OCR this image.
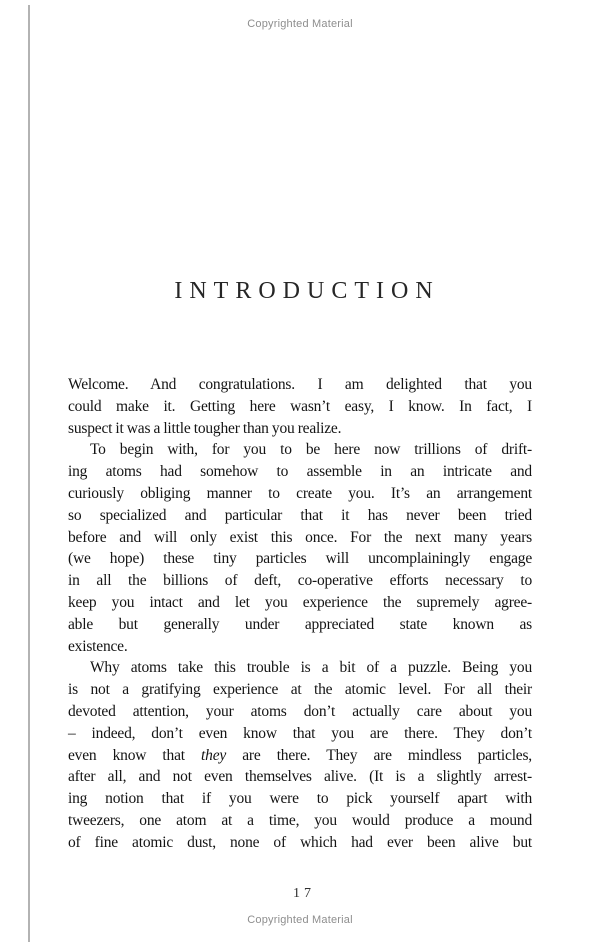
Copyrighted Material
INTRODUCTION
Welcome. And congratulations. I am delighted that you
could make it. Getting here wasn’t easy, I know. In fact, I
suspect it was a little tougher than you realize.
To begin with, for you to be here now trillions of drift-
ing atoms had somehow to assemble in an intricate and
curiously obliging manner to create you. It’s an arrangement
so specialized and particular that it has never been tried
before and will only exist this once. For the next many years
(we hope) these tiny particles will uncomplainingly engage
in all the billions of deft, co-operative efforts necessary to
keep you intact and let you experience the supremely agree-
able but generally under appreciated state known as
existence.
Why atoms take this trouble is a bit of a puzzle. Being you
is not a gratifying experience at the atomic level. For all their
devoted attention, your atoms don’t actually care about you
– indeed, don’t even know that you are there. They don’t
even know that they are there. They are mindless particles,
after all, and not even themselves alive. (It is a slightly arrest-
ing notion that if you were to pick yourself apart with
tweezers, one atom at a time, you would produce a mound
of fine atomic dust, none of which had ever been alive but
17
Copyrighted Material
